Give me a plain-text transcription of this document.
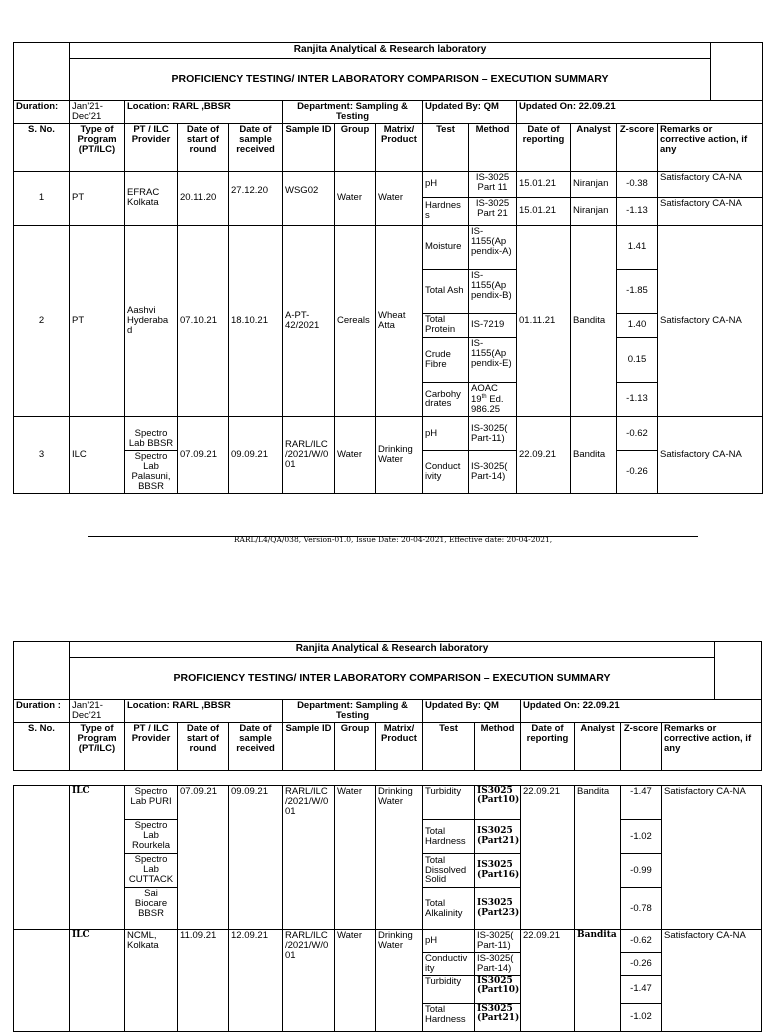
	Ranjita Analytical & Research laboratory													
	PROFICIENCY TESTING/ INTER LABORATORY COMPARISON – EXECUTION SUMMARY													
Duration:	Jan'21-Dec'21	Location: RARL ,BBSR			Department: Sampling & Testing			Updated By: QM		Updated On: 22.09.21				
S. No.	Type of Program (PT/ILC)	PT / ILC Provider	Date of start of round	Date of sample received	Sample ID	Group	Matrix/ Product	Test	Method	Date of reporting	Analyst	Z-score	Remarks or corrective action, if any	
1	PT	EFRAC Kolkata	20.11.20	27.12.20	WSG02	Water	Water	pH	IS-3025 Part 11	15.01.21	Niranjan	-0.38	Satisfactory CA-NA	
								Hardnes s	IS-3025 Part 21	15.01.21	Niranjan	-1.13	Satisfactory CA-NA	
2	PT	Aashvi Hyderaba d	07.10.21	18.10.21	A-PT-42/2021	Cereals	Wheat Atta	Moisture	IS-1155(Ap pendix-A)	01.11.21	Bandita	1.41	Satisfactory CA-NA	
								Total Ash	IS-1155(Ap pendix-B)			-1.85		
								Total Protein	IS-7219			1.40		
								Crude Fibre	IS-1155(Ap pendix-E)			0.15		
								Carbohy drates	AOAC 19th Ed. 986.25			-1.13		
3	ILC	Spectro Lab BBSR	07.09.21	09.09.21	RARL/ILC /2021/W/0 01	Water	Drinking Water	pH	IS-3025( Part-11)	22.09.21	Bandita	-0.62	Satisfactory CA-NA	
		Spectro Lab Palasuni, BBSR						Conduct ivity	IS-3025( Part-14)			-0.26		
RARL/L4/QA/038, Version-01.0, Issue Date: 20-04-2021, Effective date: 20-04-2021,
	Ranjita Analytical & Research laboratory													
	PROFICIENCY TESTING/ INTER LABORATORY COMPARISON – EXECUTION SUMMARY													
Duration :	Jan'21-Dec'21	Location: RARL ,BBSR			Department: Sampling & Testing			Updated By: QM		Updated On: 22.09.21				
S. No.	Type of Program (PT/ILC)	PT / ILC Provider	Date of start of round	Date of sample received	Sample ID	Group	Matrix/ Product	Test	Method	Date of reporting	Analyst	Z-score	Remarks or corrective action, if any	
	ILC	Spectro Lab PURI	07.09.21	09.09.21	RARL/ILC /2021/W/0 01	Water	Drinking Water	Turbidity	IS3025 (Part10)	22.09.21	Bandita	-1.47	Satisfactory CA-NA
		Spectro Lab Rourkela						Total Hardness	IS3025 (Part21)			-1.02	
		Spectro Lab CUTTACK						Total Dissolved Solid	IS3025 (Part16)			-0.99	
		Sai Biocare BBSR						Total Alkalinity	IS3025 (Part23)			-0.78	
	ILC	NCML, Kolkata	11.09.21	12.09.21	RARL/ILC /2021/W/0 01	Water	Drinking Water	pH	IS-3025( Part-11)	22.09.21	Bandita	-0.62	Satisfactory CA-NA
								Conductiv ity	IS-3025( Part-14)			-0.26	
								Turbidity	IS3025 (Part10)			-1.47	
								Total Hardness	IS3025 (Part21)			-1.02	
